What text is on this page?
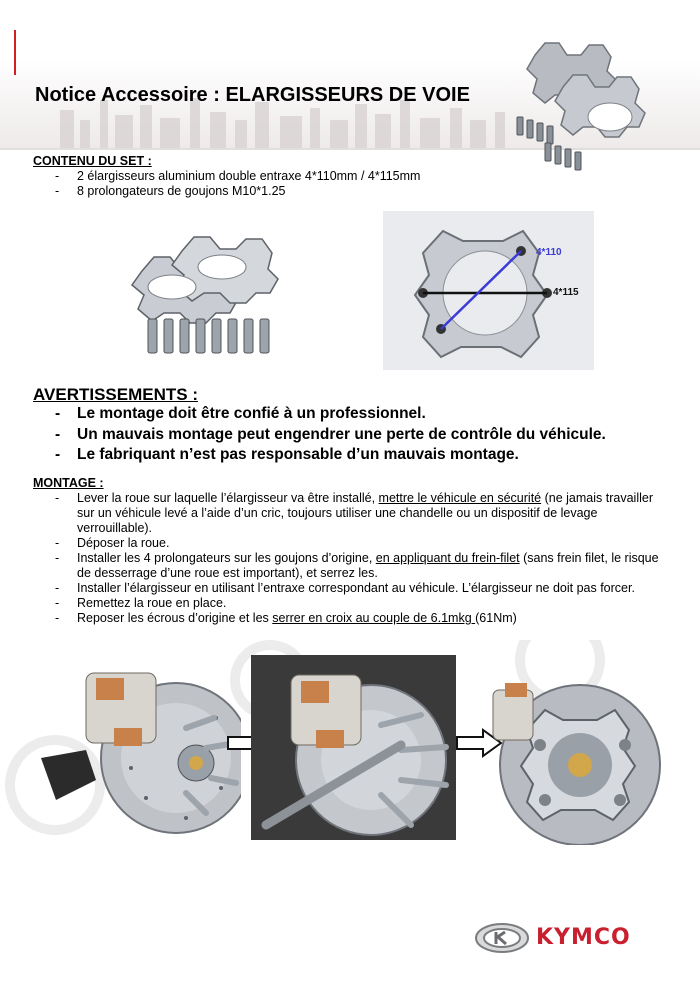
Notice Accessoire : ELARGISSEURS DE VOIE
CONTENU DU SET :
- 2 élargisseurs aluminium double entraxe 4*110mm / 4*115mm
- 8 prolongateurs de goujons M10*1.25
4*110
4*115
AVERTISSEMENTS :
- Le montage doit être confié à un professionnel.
- Un mauvais montage peut engendrer une perte de contrôle du véhicule.
- Le fabriquant n’est pas responsable d’un mauvais montage.
MONTAGE :
- Lever la roue sur laquelle l’élargisseur va être installé, mettre le véhicule en sécurité (ne jamais travailler sur un véhicule levé a l’aide d’un cric, toujours utiliser une chandelle ou un dispositif de levage verrouillable).
- Déposer la roue.
- Installer les 4 prolongateurs sur les goujons d’origine, en appliquant du frein-filet (sans frein filet, le risque de desserrage d’une roue est important), et serrez les.
- Installer l’élargisseur en utilisant l’entraxe correspondant au véhicule. L’élargisseur ne doit pas forcer.
- Remettez la roue en place.
- Reposer les écrous d’origine et les serrer en croix au couple de 6.1mkg (61Nm)
KYMCO
